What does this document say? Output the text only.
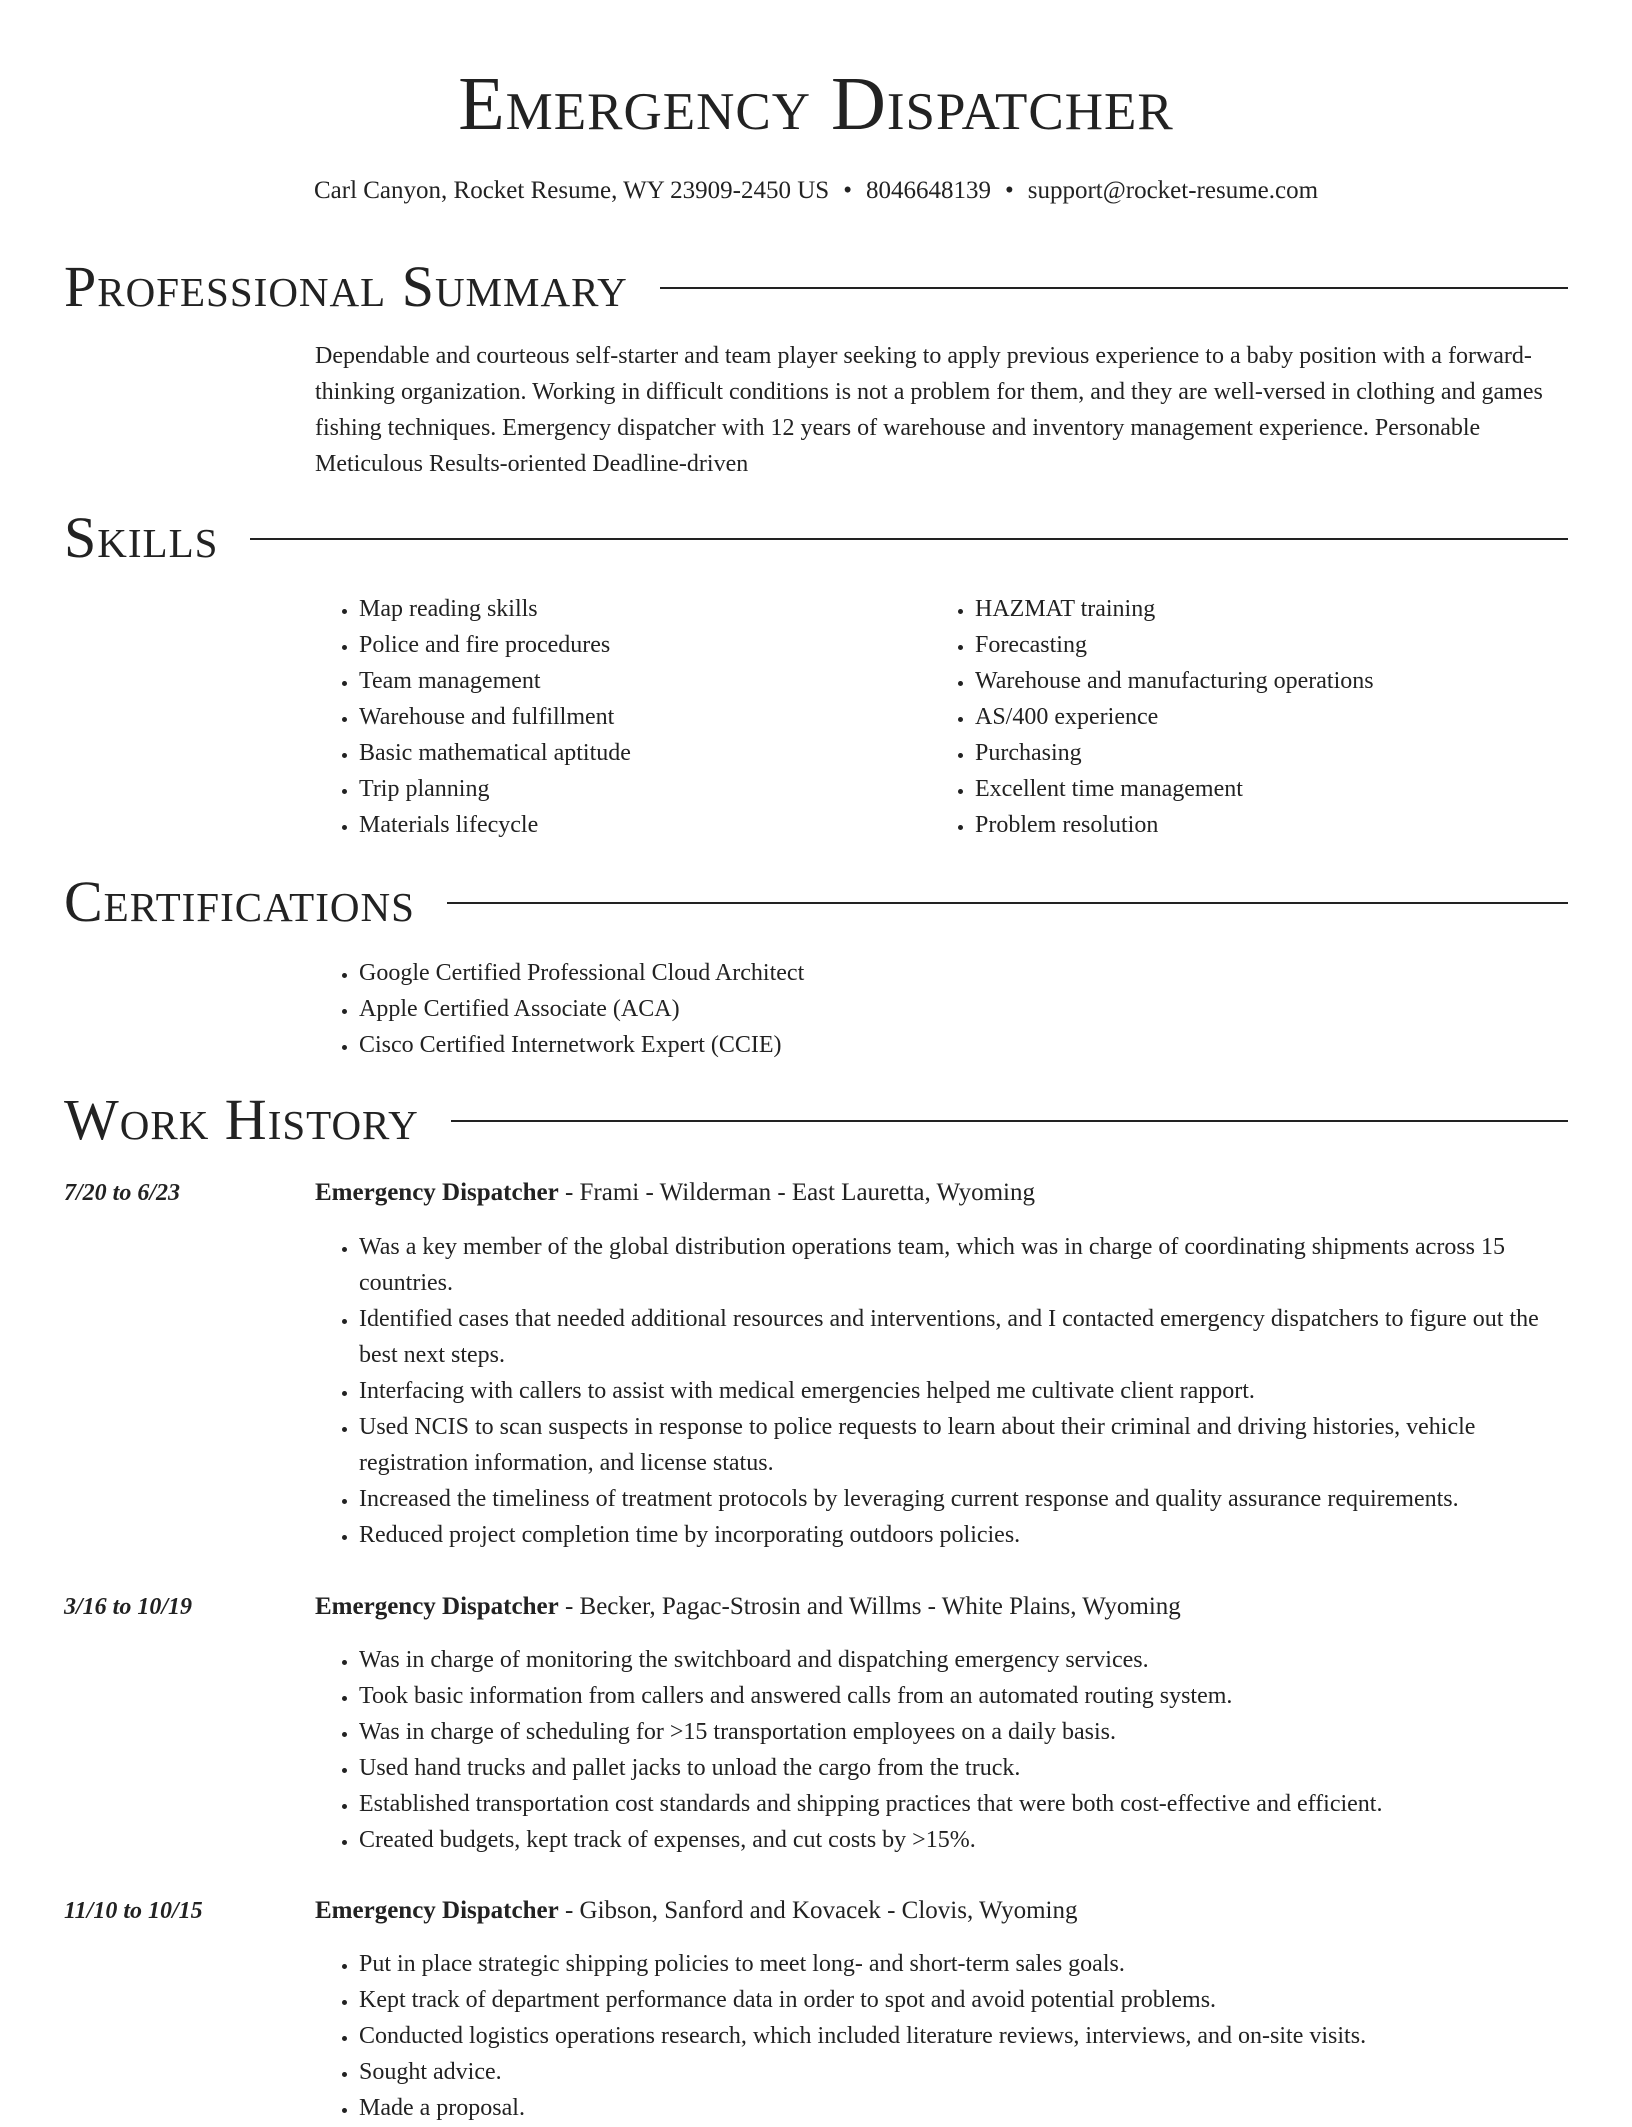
Emergency Dispatcher
Carl Canyon, Rocket Resume, WY 23909-2450 US • 8046648139 • support@rocket-resume.com
Professional Summary

Dependable and courteous self-starter and team player seeking to apply previous experience to a baby position with a forward-thinking organization. Working in difficult conditions is not a problem for them, and they are well-versed in clothing and games fishing techniques. Emergency dispatcher with 12 years of warehouse and inventory management experience. Personable Meticulous Results-oriented Deadline-driven

Skills
• Map reading skills
• Police and fire procedures
• Team management
• Warehouse and fulfillment
• Basic mathematical aptitude
• Trip planning
• Materials lifecycle
• HAZMAT training
• Forecasting
• Warehouse and manufacturing operations
• AS/400 experience
• Purchasing
• Excellent time management
• Problem resolution
Certifications
• Google Certified Professional Cloud Architect
• Apple Certified Associate (ACA)
• Cisco Certified Internetwork Expert (CCIE)
Work History
7/20 to 6/23	Emergency Dispatcher - Frami - Wilderman - East Lauretta, Wyoming
• Was a key member of the global distribution operations team, which was in charge of coordinating shipments across 15 countries.
• Identified cases that needed additional resources and interventions, and I contacted emergency dispatchers to figure out the best next steps.
• Interfacing with callers to assist with medical emergencies helped me cultivate client rapport.
• Used NCIS to scan suspects in response to police requests to learn about their criminal and driving histories, vehicle registration information, and license status.
• Increased the timeliness of treatment protocols by leveraging current response and quality assurance requirements.
• Reduced project completion time by incorporating outdoors policies.
3/16 to 10/19	Emergency Dispatcher - Becker, Pagac-Strosin and Willms - White Plains, Wyoming
• Was in charge of monitoring the switchboard and dispatching emergency services.
• Took basic information from callers and answered calls from an automated routing system.
• Was in charge of scheduling for >15 transportation employees on a daily basis.
• Used hand trucks and pallet jacks to unload the cargo from the truck.
• Established transportation cost standards and shipping practices that were both cost-effective and efficient.
• Created budgets, kept track of expenses, and cut costs by >15%.
11/10 to 10/15	Emergency Dispatcher - Gibson, Sanford and Kovacek - Clovis, Wyoming
• Put in place strategic shipping policies to meet long- and short-term sales goals.
• Kept track of department performance data in order to spot and avoid potential problems.
• Conducted logistics operations research, which included literature reviews, interviews, and on-site visits.
• Sought advice.
• Made a proposal.
